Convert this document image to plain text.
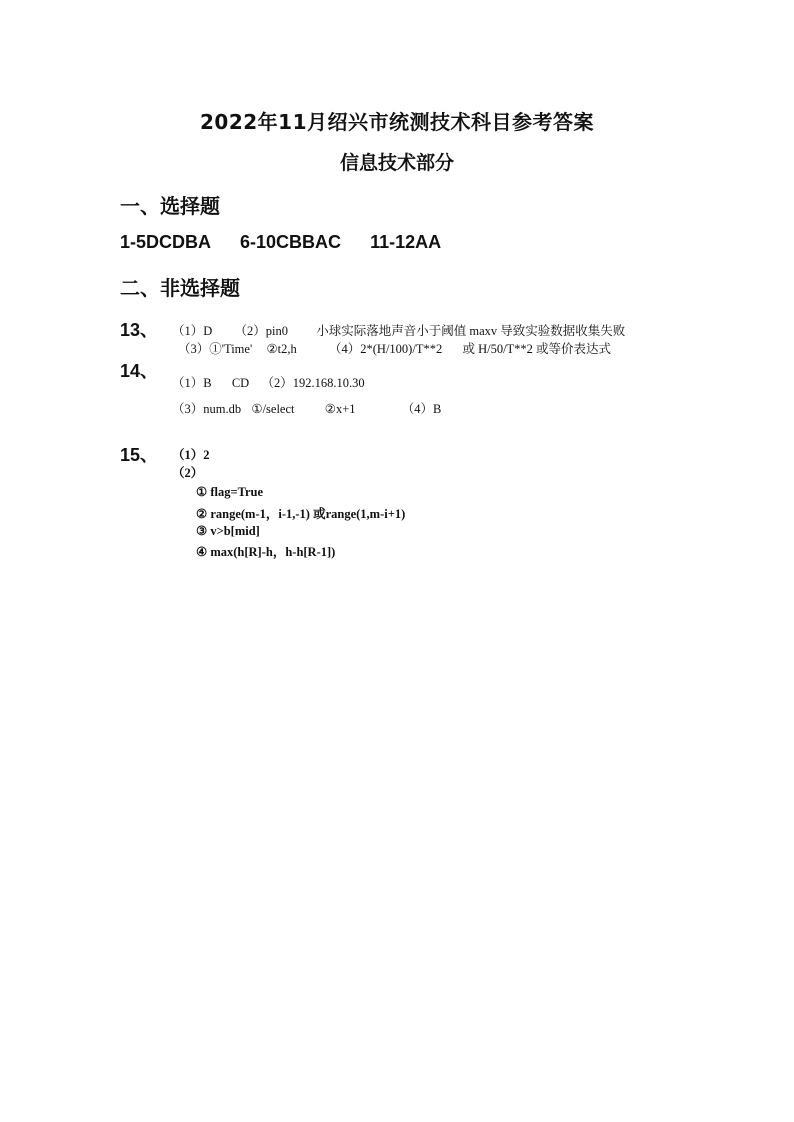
2022年11月绍兴市统测技术科目参考答案
信息技术部分
一、选择题
1-5DCDBA 6-10CBBAC 11-12AA
二、非选择题
13、 （1）D （2）pin0 小球实际落地声音小于阈值 maxv 导致实验数据收集失败
（3）①'Time' ②t2,h	（4）2*(H/100)/T**2 或 H/50/T**2 或等价表达式
14、
（1）B CD （2）192.168.10.30
（3）num.db ①/select ②x+1	（4）B
15、 （1）2
（2）
① flag=True
② range(m-1，i-1,-1) 或range(1,m-i+1)
③ v>b[mid]
④ max(h[R]-h，h-h[R-1])
